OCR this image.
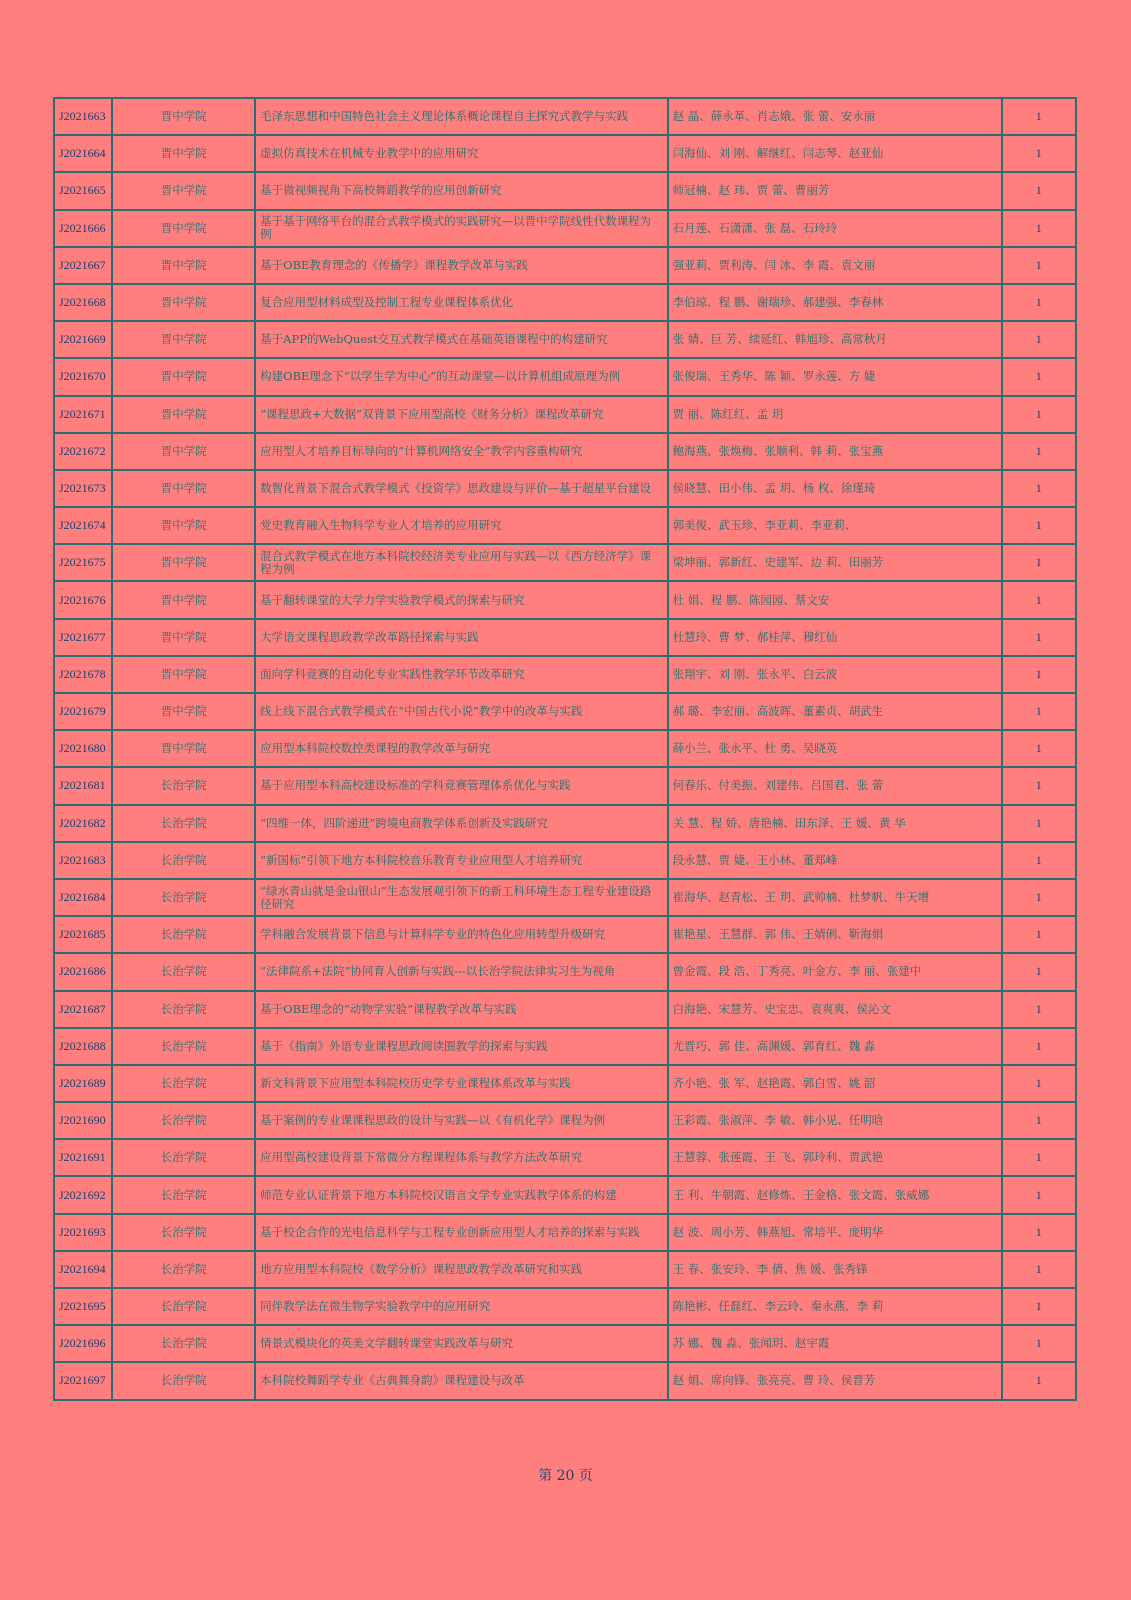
J2021663	晋中学院	毛泽东思想和中国特色社会主义理论体系概论课程自主探究式教学与实践	赵 晶、薛永革、肖志娥、张 蕾、安永丽	1
J2021664	晋中学院	虚拟仿真技术在机械专业教学中的应用研究	闫海仙、刘 刚、解继红、闫志琴、赵亚仙	1
J2021665	晋中学院	基于微视频视角下高校舞蹈教学的应用创新研究	师冠楠、赵 玮、贾 蕾、曹丽芳	1
J2021666	晋中学院	基于基于网络平台的混合式教学模式的实践研究—以晋中学院线性代数课程为例	石月莲、石潇潇、张 磊、石玲玲	1
J2021667	晋中学院	基于OBE教育理念的《传播学》课程教学改革与实践	强亚莉、贾利涛、闫 冰、李 霞、袁文丽	1
J2021668	晋中学院	复合应用型材料成型及控制工程专业课程体系优化	李伯琼、程 鹏、谢瑞珍、郝建强、李春林	1
J2021669	晋中学院	基于APP的WebQuest交互式教学模式在基础英语课程中的构建研究	张 婧、巨 芳、续延红、韩旭珍、高常秋月	1
J2021670	晋中学院	构建OBE理念下“以学生学为中心”的互动课堂—以计算机组成原理为例	张俊瑞、王秀华、陈 颖、罗永莲、方 婕	1
J2021671	晋中学院	“课程思政+大数据”双背景下应用型高校《财务分析》课程改革研究	贾 丽、陈红红、孟 玥	1
J2021672	晋中学院	应用型人才培养目标导向的“计算机网络安全”教学内容重构研究	鲍海燕、张焕梅、张顺利、韩 莉、张宝燕	1
J2021673	晋中学院	数智化背景下混合式教学模式《投资学》思政建设与评价—基于超星平台建设	侯晓慧、田小伟、孟 玥、杨 枚、徐瑾琦	1
J2021674	晋中学院	党史教育融入生物科学专业人才培养的应用研究	郭美俊、武玉珍、李亚莉、李亚莉、	1
J2021675	晋中学院	混合式教学模式在地方本科院校经济类专业应用与实践—以《西方经济学》课程为例	梁坤丽、郭新红、史建军、边 莉、田丽芳	1
J2021676	晋中学院	基于翻转课堂的大学力学实验教学模式的探索与研究	杜 娟、程 鹏、陈园园、蔡文安	1
J2021677	晋中学院	大学语文课程思政教学改革路径探索与实践	杜慧玲、曹 梦、郝桂萍、穆红仙	1
J2021678	晋中学院	面向学科竞赛的自动化专业实践性教学环节改革研究	张翔宇、刘 刚、张永平、白云波	1
J2021679	晋中学院	线上线下混合式教学模式在“中国古代小说”教学中的改革与实践	郝 璐、李宏丽、高波晖、董素贞、胡武生	1
J2021680	晋中学院	应用型本科院校数控类课程的教学改革与研究	薛小兰、张永平、杜 勇、吴晓英	1
J2021681	长治学院	基于应用型本科高校建设标准的学科竞赛管理体系优化与实践	何春乐、付美振、刘建伟、吕国君、张 蕾	1
J2021682	长治学院	“四维一体，四阶递进”跨境电商教学体系创新及实践研究	关 慧、程 娇、唐艳楠、田东泽、王 媛、黄 华	1
J2021683	长治学院	“新国标”引领下地方本科院校音乐教育专业应用型人才培养研究	段永慧、贾 婕、王小林、董郑峰	1
J2021684	长治学院	“绿水青山就是金山银山”生态发展观引领下的新工科环境生态工程专业建设路径研究	崔海华、赵青松、王 玥、武帅楠、杜梦帆、牛天增	1
J2021685	长治学院	学科融合发展背景下信息与计算科学专业的特色化应用转型升级研究	崔艳星、王慧群、郭 伟、王婧俐、靳海娟	1
J2021686	长治学院	“法律院系+法院”协同育人创新与实践---以长治学院法律实习生为视角	曾金霞、段 浩、丁秀亮、叶金方、李 丽、张建中	1
J2021687	长治学院	基于OBE理念的“动物学实验”课程教学改革与实践	白海艳、宋慧芳、史宝忠、袁爽爽、侯沁文	1
J2021688	长治学院	基于《指南》外语专业课程思政阅读圈教学的探索与实践	尤晋巧、郭 佳、高渊媛、郭育红、魏 淼	1
J2021689	长治学院	新文科背景下应用型本科院校历史学专业课程体系改革与实践	齐小艳、张 军、赵艳霞、郭白雪、姚 韶	1
J2021690	长治学院	基于案例的专业课课程思政的设计与实践—以《有机化学》课程为例	王彩霞、张淑萍、李 敏、韩小见、任明晗	1
J2021691	长治学院	应用型高校建设背景下常微分方程课程体系与教学方法改革研究	王慧蓉、张莲霞、王 飞、郭玲利、贾武艳	1
J2021692	长治学院	师范专业认证背景下地方本科院校汉语言文学专业实践教学体系的构建	王 利、牛朝霞、赵修炼、王金格、张文霞、张威娜	1
J2021693	长治学院	基于校企合作的光电信息科学与工程专业创新应用型人才培养的探索与实践	赵 波、周小芳、韩燕旭、常培平、庞明华	1
J2021694	长治学院	地方应用型本科院校《数学分析》课程思政教学改革研究和实践	王 春、张安玲、李 倩、焦 媛、张秀锋	1
J2021695	长治学院	同伴教学法在微生物学实验教学中的应用研究	陈艳彬、任磊红、李云玲、秦永燕、李 莉	1
J2021696	长治学院	情景式模块化的英美文学翻转课堂实践改革与研究	苏 娜、魏 淼、张闻玥、赵宇霞	1
J2021697	长治学院	本科院校舞蹈学专业《古典舞身韵》课程建设与改革	赵 娟、席向锋、张亮亮、曹 玲、侯晋芳	1
第 20 页
